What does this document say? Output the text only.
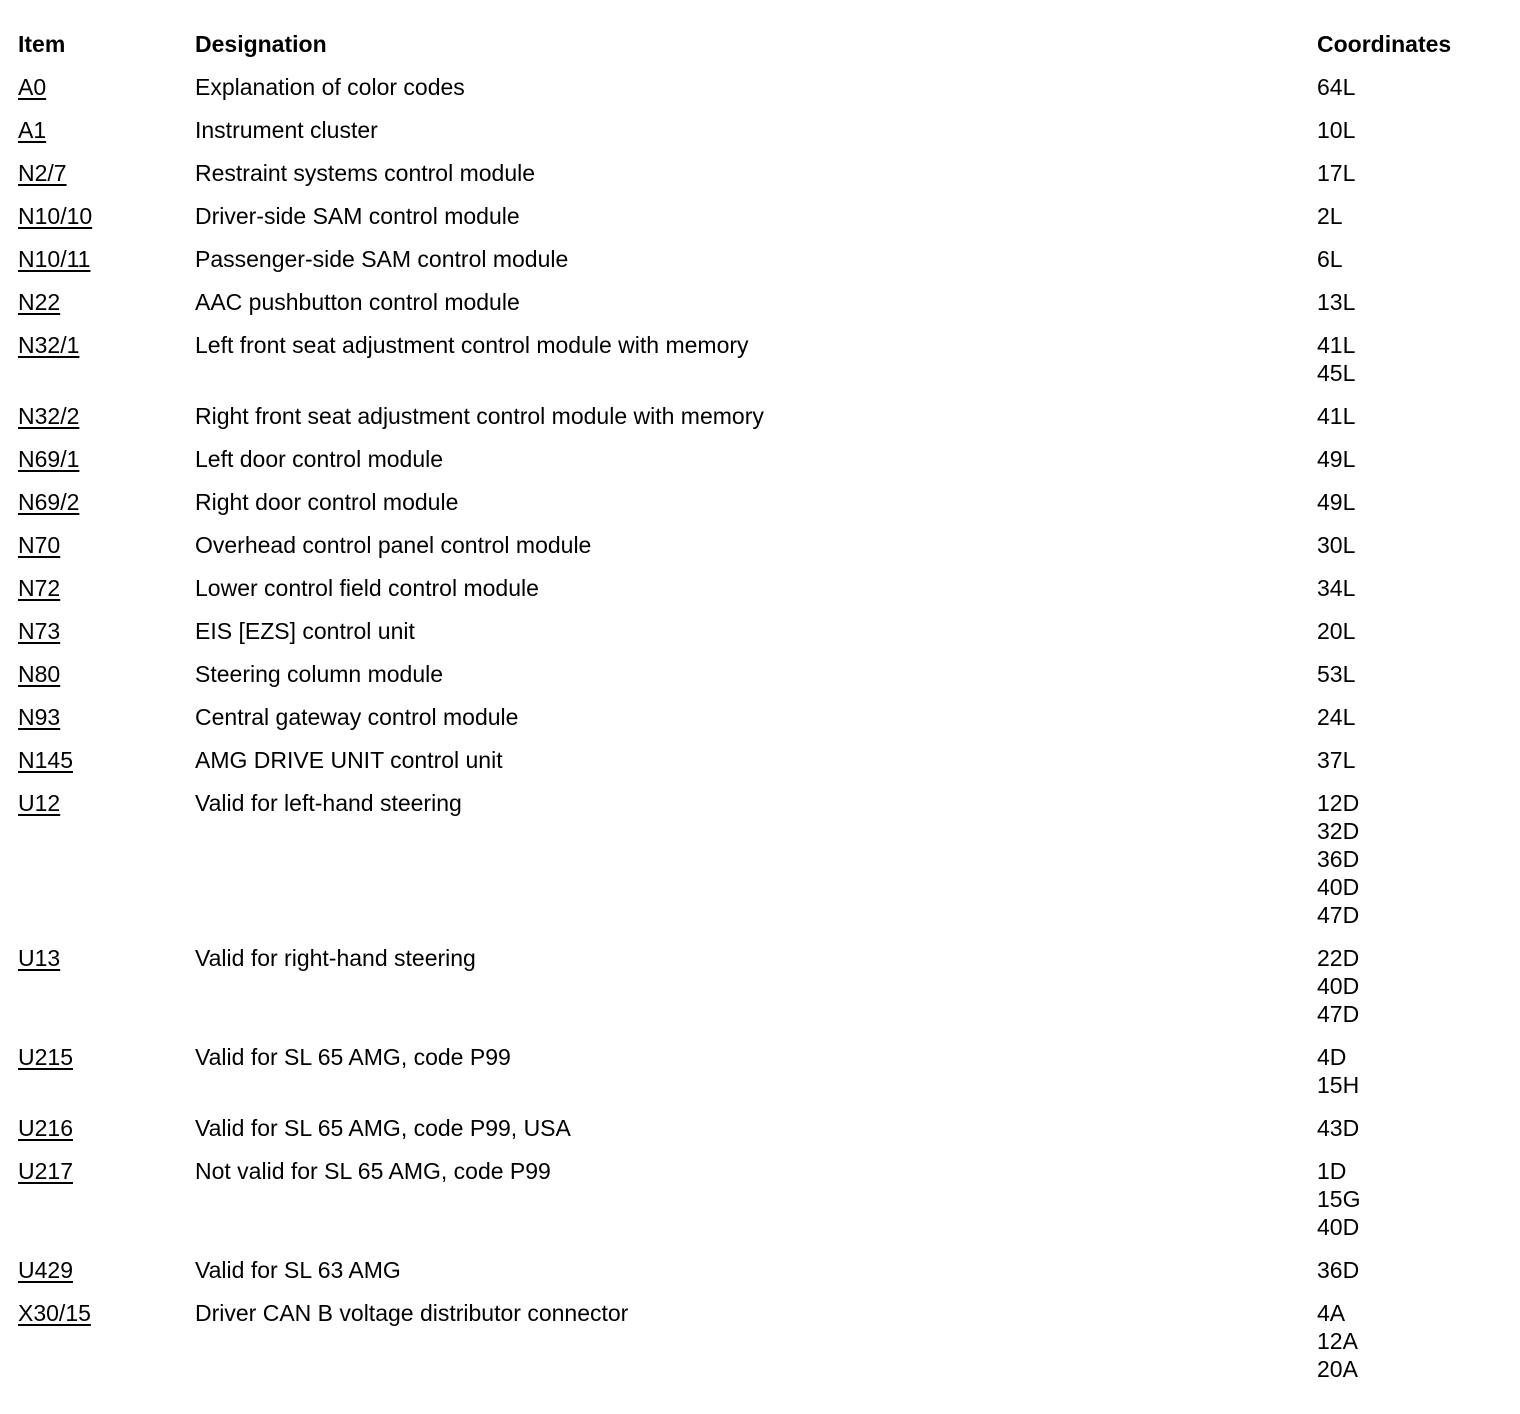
Item	Designation	Coordinates
A0	Explanation of color codes	64L
A1	Instrument cluster	10L
N2/7	Restraint systems control module	17L
N10/10	Driver-side SAM control module	2L
N10/11	Passenger-side SAM control module	6L
N22	AAC pushbutton control module	13L
N32/1	Left front seat adjustment control module with memory	41L
45L
N32/2	Right front seat adjustment control module with memory	41L
N69/1	Left door control module	49L
N69/2	Right door control module	49L
N70	Overhead control panel control module	30L
N72	Lower control field control module	34L
N73	EIS [EZS] control unit	20L
N80	Steering column module	53L
N93	Central gateway control module	24L
N145	AMG DRIVE UNIT control unit	37L
U12	Valid for left-hand steering	12D
32D
36D
40D
47D
U13	Valid for right-hand steering	22D
40D
47D
U215	Valid for SL 65 AMG, code P99	4D
15H
U216	Valid for SL 65 AMG, code P99, USA	43D
U217	Not valid for SL 65 AMG, code P99	1D
15G
40D
U429	Valid for SL 63 AMG	36D
X30/15	Driver CAN B voltage distributor connector	4A
12A
20A
